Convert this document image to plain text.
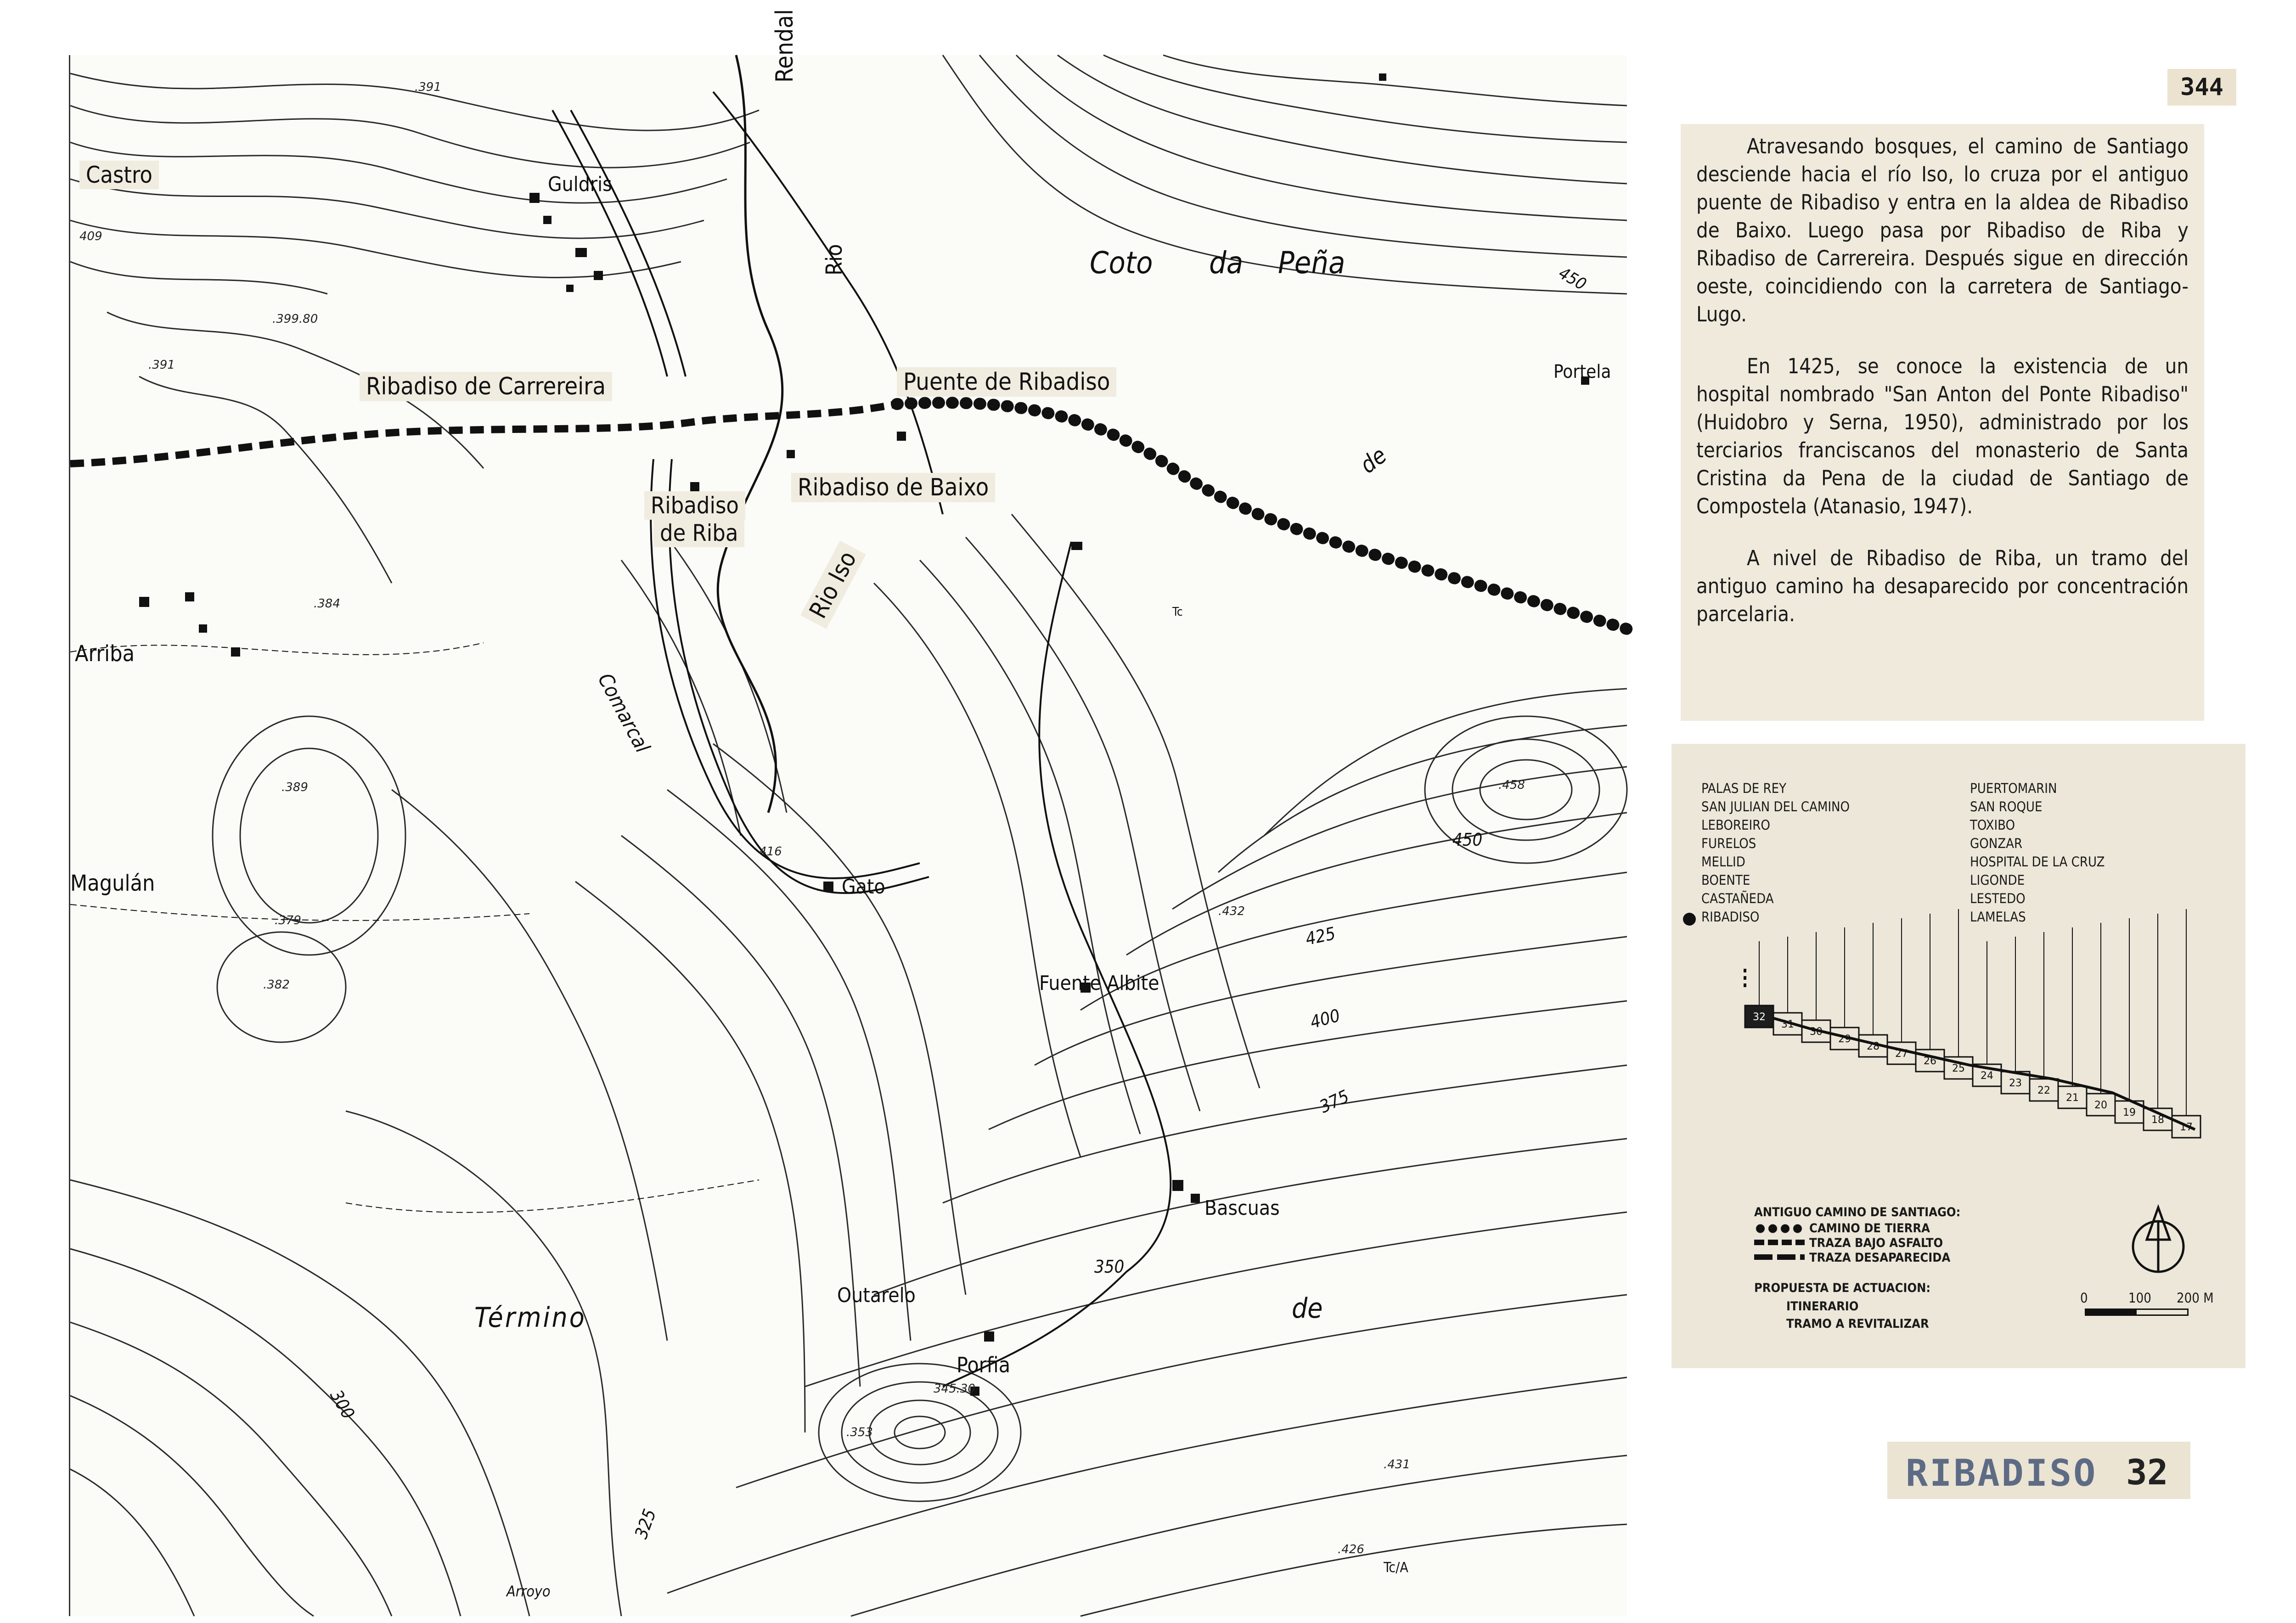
Castro	Guldris
Rendal
Rio	Coto da Peña
Ribadiso de Carrereira	Puente de Ribadiso	Portela
Ribadiso de Baixo
Ribadiso
de Riba
Rio Iso
de
Arriba
Comarcal
Magulán	Gato
Fuente Albite
Bascuas
Outarelo
Término	de
Porfia
Arroyo
Tc
Tc/A
450
450
425
400
375
350
325
300
.391
.391
.399.80
.384
.389
.379
.382
.458
.432
416
.353
345.30
.431
.426
409
344

Atravesando bosques, el camino de Santiago desciende hacia el río Iso, lo cruza por el antiguo puente de Ribadiso y entra en la aldea de Ribadiso de Baixo. Luego pasa por Ribadiso de Riba y Ribadiso de Carrereira. Después sigue en dirección oeste, coincidiendo con la carretera de Santiago-Lugo.

En 1425, se conoce la existencia de un hospital nombrado "San Anton del Ponte Ribadiso" (Huidobro y Serna, 1950), administrado por los terciarios franciscanos del monasterio de Santa Cristina da Pena de la ciudad de Santiago de Compostela (Atanasio, 1947).

A nivel de Ribadiso de Riba, un tramo del antiguo camino ha desaparecido por concentración parcelaria.

PALAS DE REY
SAN JULIAN DEL CAMINO
LEBOREIRO
FURELOS
MELLID
BOENTE
CASTAÑEDA
RIBADISO
PUERTOMARIN
SAN ROQUE
TOXIBO
GONZAR
HOSPITAL DE LA CRUZ
LIGONDE
LESTEDO
LAMELAS
32
31
30
29
28
27
26
25
24
23
22
21
20
19
18
17
ANTIGUO CAMINO DE SANTIAGO:
CAMINO DE TIERRA
TRAZA BAJO ASFALTO
TRAZA DESAPARECIDA
PROPUESTA DE ACTUACION:
ITINERARIO
TRAMO A REVITALIZAR
0	100 200 M
RIBADISO 32
